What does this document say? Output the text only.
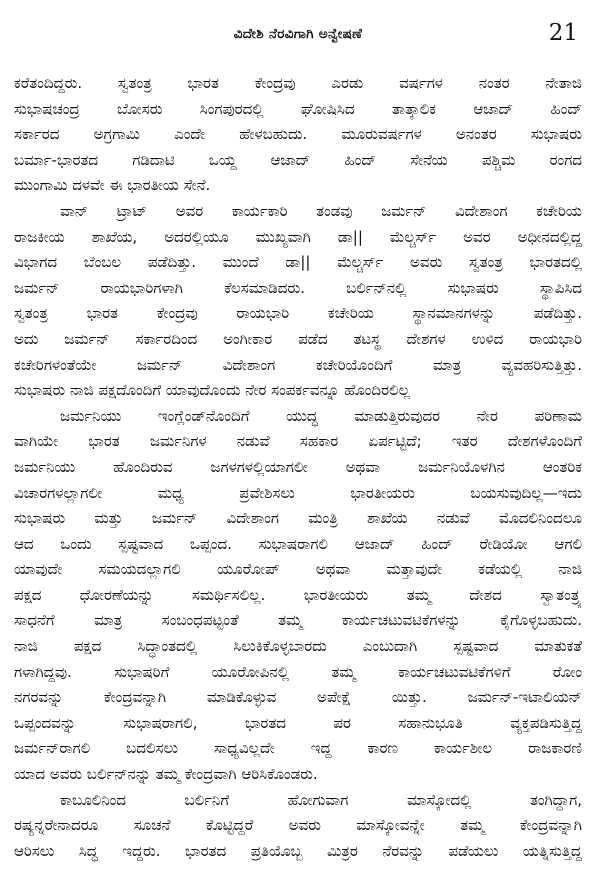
ವಿದೇಶಿ ನೆರವಿಗಾಗಿ ಅನ್ವೇಷಣೆ	21
ಕರೆತಂದಿದ್ದರು. ಸ್ವತಂತ್ರ ಭಾರತ ಕೇಂದ್ರವು ಎರಡು ವರ್ಷಗಳ ನಂತರ ನೇತಾಜಿ
ಸುಭಾಷಚಂದ್ರ ಬೋಸರು ಸಿಂಗಪುರದಲ್ಲಿ ಘೋಷಿಸಿದ ತಾತ್ಕಾಲಿಕ ಆಜಾದ್ ಹಿಂದ್
ಸರ್ಕಾರದ ಅಗ್ರಗಾಮಿ ಎಂದೇ ಹೇಳಬಹುದು. ಮೂರುವರ್ಷಗಳ ಅನಂತರ ಸುಭಾಷರು
ಬರ್ಮಾ-ಭಾರತದ ಗಡಿದಾಟಿ ಒಯ್ದ ಆಜಾದ್ ಹಿಂದ್ ಸೇನೆಯ ಪಶ್ಚಿಮ ರಂಗದ
ಮುಂಗಾಮಿ ದಳವೇ ಈ ಭಾರತೀಯ ಸೇನೆ.
ವಾನ್ ಟ್ರಾಟ್ ಅವರ ಕಾರ್ಯಕಾರಿ ತಂಡವು ಜರ್ಮನ್ ವಿದೇಶಾಂಗ ಕಚೇರಿಯ
ರಾಜಕೀಯ ಶಾಖೆಯ, ಅದರಲ್ಲಿಯೂ ಮುಖ್ಯವಾಗಿ ಡಾ|| ಮೆಲ್ಚರ್ಸ್ ಅವರ ಅಧೀನದಲ್ಲಿದ್ದ
ವಿಭಾಗದ ಬೆಂಬಲ ಪಡೆದಿತ್ತು. ಮುಂದೆ ಡಾ|| ಮೆಲ್ಚರ್ಸ್ ಅವರು ಸ್ವತಂತ್ರ ಭಾರತದಲ್ಲಿ
ಜರ್ಮನ್ ರಾಯಭಾರಿಗಳಾಗಿ ಕೆಲಸಮಾಡಿದರು. ಬರ್ಲಿನ್‌ನಲ್ಲಿ ಸುಭಾಷರು ಸ್ಥಾಪಿಸಿದ
ಸ್ವತಂತ್ರ ಭಾರತ ಕೇಂದ್ರವು ರಾಯಭಾರಿ ಕಚೇರಿಯ ಸ್ಥಾನಮಾನಗಳನ್ನು ಪಡೆದಿತ್ತು.
ಅದು ಜರ್ಮನ್ ಸರ್ಕಾರದಿಂದ ಅಂಗೀಕಾರ ಪಡೆದ ತಟಸ್ಥ ದೇಶಗಳ ಉಳಿದ ರಾಯಭಾರಿ
ಕಚೇರಿಗಳಂತೆಯೇ ಜರ್ಮನ್ ವಿದೇಶಾಂಗ ಕಚೇರಿಯೊಂದಿಗೆ ಮಾತ್ರ ವ್ಯವಹರಿಸುತ್ತಿತ್ತು.
ಸುಭಾಷರು ನಾಜಿ ಪಕ್ಷದೊಂದಿಗೆ ಯಾವುದೊಂದು ನೇರ ಸಂಪರ್ಕವನ್ನೂ ಹೊಂದಿರಲಿಲ್ಲ
ಜರ್ಮನಿಯು ಇಂಗ್ಲೆಂಡ್‌ನೊಂದಿಗೆ ಯುದ್ಧ ಮಾಡುತ್ತಿರುವುದರ ನೇರ ಪರಿಣಾಮ
ವಾಗಿಯೇ ಭಾರತ ಜರ್ಮನಿಗಳ ನಡುವೆ ಸಹಕಾರ ಏರ್ಪಟ್ಟಿದೆ; ಇತರ ದೇಶಗಳೊಂದಿಗೆ
ಜರ್ಮನಿಯು ಹೊಂದಿರುವ ಜಗಳಗಳಲ್ಲಿಯಾಗಲೀ ಅಥವಾ ಜರ್ಮನಿಯೊಳಗಿನ ಆಂತರಿಕ
ವಿಚಾರಗಳಲ್ಲಾಗಲೀ ಮಧ್ಯ ಪ್ರವೇಶಿಸಲು ಭಾರತೀಯರು ಬಯಸುವುದಿಲ್ಲ—ಇದು
ಸುಭಾಷರು ಮತ್ತು ಜರ್ಮನ್ ವಿದೇಶಾಂಗ ಮಂತ್ರಿ ಶಾಖೆಯ ನಡುವೆ ಮೊದಲಿನಿಂದಲೂ
ಆದ ಒಂದು ಸ್ಪಷ್ಟವಾದ ಒಪ್ಪಂದ. ಸುಭಾಷರಾಗಲಿ ಆಜಾದ್ ಹಿಂದ್ ರೇಡಿಯೋ ಆಗಲಿ
ಯಾವುದೇ ಸಮಯದಲ್ಲಾಗಲಿ ಯೂರೋಪ್ ಅಥವಾ ಮತ್ತಾವುದೇ ಕಡೆಯಲ್ಲಿ ನಾಜಿ
ಪಕ್ಷದ ಧೋರಣೆಯನ್ನು ಸಮರ್ಥಿಸಲಿಲ್ಲ. ಭಾರತೀಯರು ತಮ್ಮ ದೇಶದ ಸ್ವಾತಂತ್ರ್ಯ
ಸಾಧನೆಗೆ ಮಾತ್ರ ಸಂಬಂಧಪಟ್ಟಂತೆ ತಮ್ಮ ಕಾರ್ಯಚಟುವಟಿಕೆಗಳನ್ನು ಕೈಗೊಳ್ಳಬಹುದು.
ನಾಜಿ ಪಕ್ಷದ ಸಿದ್ಧಾಂತದಲ್ಲಿ ಸಿಲುಕಿಕೊಳ್ಳಬಾರದು ಎಂಬುದಾಗಿ ಸ್ಪಷ್ಟವಾದ ಮಾತುಕತೆ
ಗಳಾಗಿದ್ದವು. ಸುಭಾಷರಿಗೆ ಯೂರೋಪಿನಲ್ಲಿ ತಮ್ಮ ಕಾರ್ಯಚಟುವಟಿಕೆಗಳಿಗೆ ರೋಂ
ನಗರವನ್ನು ಕೇಂದ್ರವನ್ನಾಗಿ ಮಾಡಿಕೊಳ್ಳುವ ಅಪೇಕ್ಷೆ ಯಿತ್ತು. ಜರ್ಮನ್-ಇಟಾಲಿಯನ್
ಒಪ್ಪಂದವನ್ನು ಸುಭಾಷರಾಗಲಿ, ಭಾರತದ ಪರ ಸಹಾನುಭೂತಿ ವ್ಯಕ್ತಪಡಿಸುತ್ತಿದ್ದ
ಜರ್ಮನ್‌ರಾಗಲಿ ಬದಲಿಸಲು ಸಾಧ್ಯವಿಲ್ಲದೇ ಇದ್ದ ಕಾರಣ ಕಾರ್ಯಶೀಲ ರಾಜಕಾರಣಿ
ಯಾದ ಅವರು ಬರ್ಲಿನ್‌ನನ್ನು ತಮ್ಮ ಕೇಂದ್ರವಾಗಿ ಆರಿಸಿಕೊಂಡರು.
ಕಾಬೂಲಿನಿಂದ ಬರ್ಲಿನಿಗೆ ಹೋಗುವಾಗ ಮಾಸ್ಕೋದಲ್ಲಿ ತಂಗಿದ್ದಾಗ,
ರಷ್ಯನ್ನರೇನಾದರೂ ಸೂಚನೆ ಕೊಟ್ಟಿದ್ದರೆ ಅವರು ಮಾಸ್ಕೋವನ್ನೇ ತಮ್ಮ ಕೇಂದ್ರವನ್ನಾಗಿ
ಆರಿಸಲು ಸಿದ್ಧ ಇದ್ದರು. ಭಾರತದ ಪ್ರತಿಯೊಬ್ಬ ಮಿತ್ರರ ನೆರವನ್ನು ಪಡೆಯಲು ಯತ್ನಿಸುತ್ತಿದ್ದ
